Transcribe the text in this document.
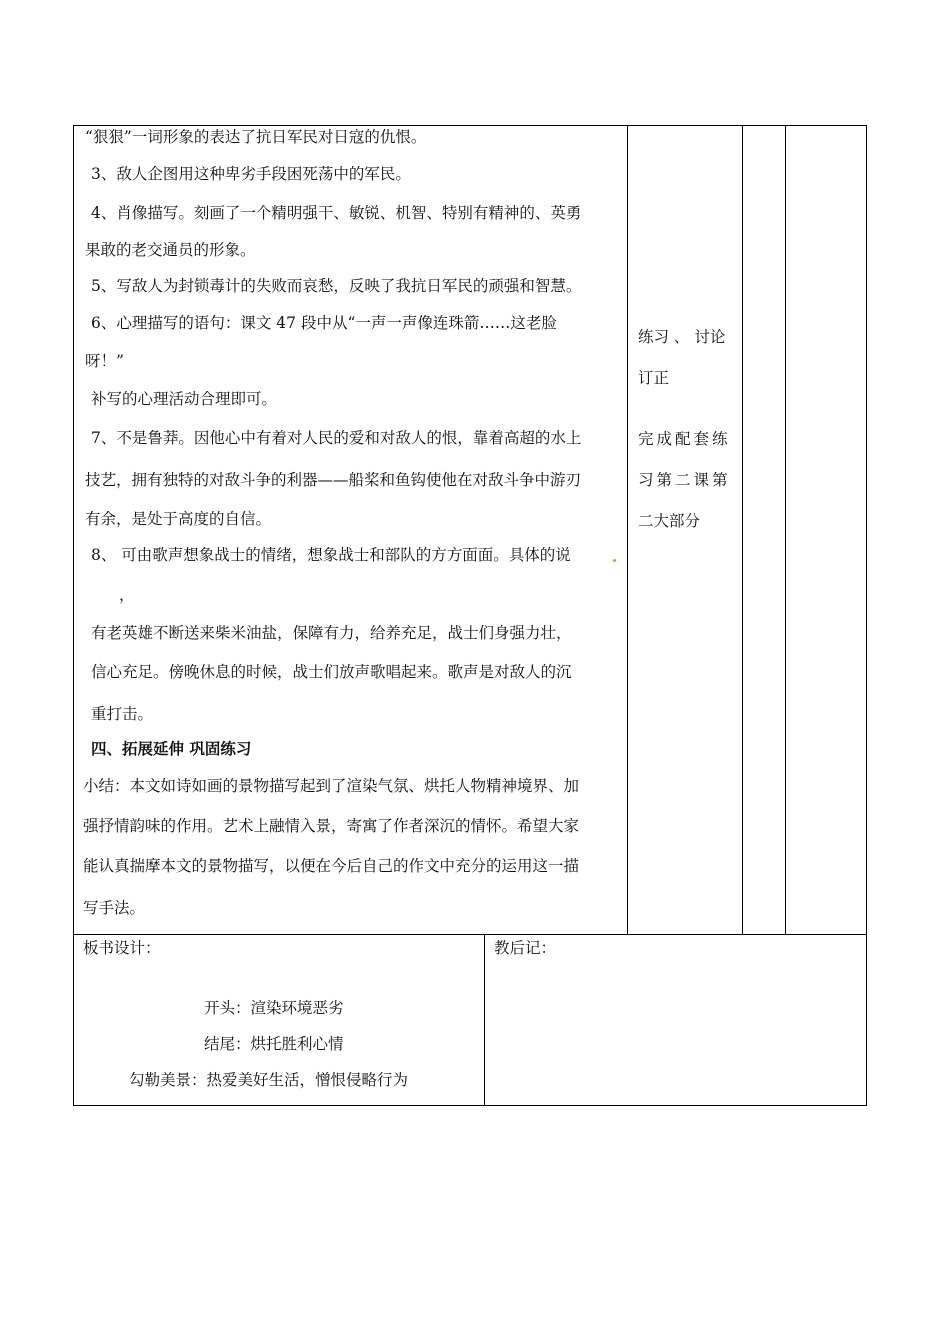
“狠狠”一词形象的表达了抗日军民对日寇的仇恨。
3、敌人企图用这种卑劣手段困死荡中的军民。
4、肖像描写。刻画了一个精明强干、敏锐、机智、特别有精神的、英勇
果敢的老交通员的形象。
5、写敌人为封锁毒计的失败而哀愁，反映了我抗日军民的顽强和智慧。
6、心理描写的语句：课文 47 段中从“一声一声像连珠箭……这老脸
呀！”
补写的心理活动合理即可。
7、不是鲁莽。因他心中有着对人民的爱和对敌人的恨，靠着高超的水上
技艺，拥有独特的对敌斗争的利器——船桨和鱼钩使他在对敌斗争中游刃
有余，是处于高度的自信。
8、 可由歌声想象战士的情绪，想象战士和部队的方方面面。具体的说
，
有老英雄不断送来柴米油盐，保障有力，给养充足，战士们身强力壮，
信心充足。傍晚休息的时候，战士们放声歌唱起来。歌声是对敌人的沉
重打击。
四、拓展延伸 巩固练习
小结：本文如诗如画的景物描写起到了渲染气氛、烘托人物精神境界、加
强抒情韵味的作用。艺术上融情入景，寄寓了作者深沉的情怀。希望大家
能认真揣摩本文的景物描写，以便在今后自己的作文中充分的运用这一描
写手法。
练习 、 讨论
订正
完成配套练
习第二课第
二大部分
板书设计：
开头：渲染环境恶劣
结尾：烘托胜利心情
勾勒美景：热爱美好生活，憎恨侵略行为
教后记：
